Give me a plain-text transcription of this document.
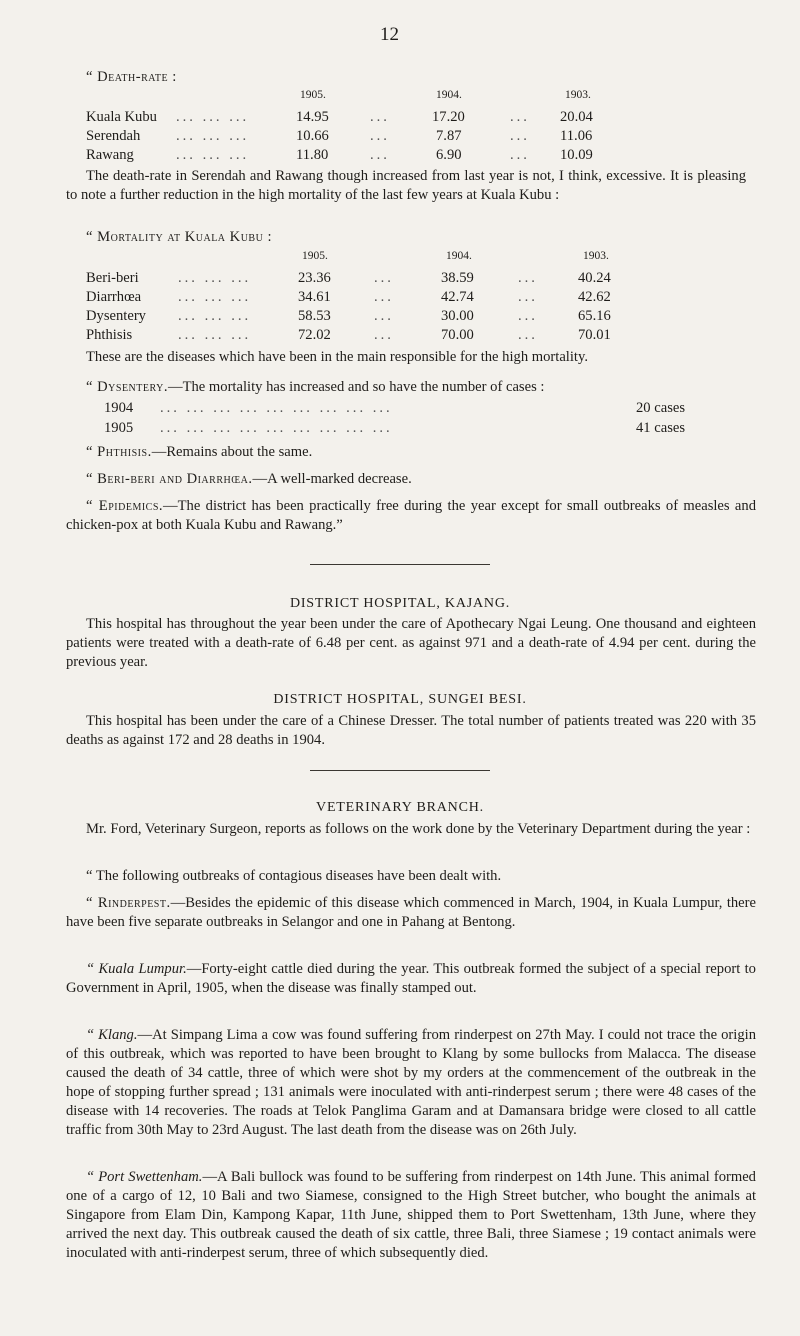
12
“ Death-rate :
1905.	1904.	1903.
Kuala Kubu ... ... ...	14.95	...	17.20	... 20.04
Serendah ... ... ...	10.66	...	7.87	... 11.06
Rawang	... ... ...	11.80	...	6.90	... 10.09
The death-rate in Serendah and Rawang though increased from last year is not, I think, excessive. It is pleasing to note a further reduction in the high mortality of the last few years at Kuala Kubu :
“ Mortality at Kuala Kubu :
1905.	1904.	1903.
Beri-beri	... ... ...	23.36	...	38.59	...	40.24
Diarrhœa	... ... ...	34.61	...	42.74	...	42.62
Dysentery ... ... ...	58.53	...	30.00	...	65.16
Phthisis	... ... ...	72.02	...	70.00	...	70.01
These are the diseases which have been in the main responsible for the high mortality.
“ Dysentery.—The mortality has increased and so have the number of cases :
1904 ... ... ... ... ... ... ... ... ...	20 cases
1905 ... ... ... ... ... ... ... ... ...	41 cases
“ Phthisis.—Remains about the same.
“ Beri-beri and Diarrhœa.—A well-marked decrease.
“ Epidemics.—The district has been practically free during the year except for small outbreaks of measles and chicken-pox at both Kuala Kubu and Rawang.”
DISTRICT HOSPITAL, KAJANG.
This hospital has throughout the year been under the care of Apothecary Ngai Leung. One thousand and eighteen patients were treated with a death-rate of 6.48 per cent. as against 971 and a death-rate of 4.94 per cent. during the previous year.
DISTRICT HOSPITAL, SUNGEI BESI.
This hospital has been under the care of a Chinese Dresser. The total number of patients treated was 220 with 35 deaths as against 172 and 28 deaths in 1904.
VETERINARY BRANCH.
Mr. Ford, Veterinary Surgeon, reports as follows on the work done by the Veterinary Department during the year :
“ The following outbreaks of contagious diseases have been dealt with.
“ Rinderpest.—Besides the epidemic of this disease which commenced in March, 1904, in Kuala Lumpur, there have been five separate outbreaks in Selangor and one in Pahang at Bentong.
“ Kuala Lumpur.—Forty-eight cattle died during the year. This outbreak formed the subject of a special report to Government in April, 1905, when the disease was finally stamped out.
“ Klang.—At Simpang Lima a cow was found suffering from rinderpest on 27th May. I could not trace the origin of this outbreak, which was reported to have been brought to Klang by some bullocks from Malacca. The disease caused the death of 34 cattle, three of which were shot by my orders at the commencement of the outbreak in the hope of stopping further spread ; 131 animals were inoculated with anti-rinderpest serum ; there were 48 cases of the disease with 14 recoveries. The roads at Telok Panglima Garam and at Damansara bridge were closed to all cattle traffic from 30th May to 23rd August. The last death from the disease was on 26th July.
“ Port Swettenham.—A Bali bullock was found to be suffering from rinderpest on 14th June. This animal formed one of a cargo of 12, 10 Bali and two Siamese, consigned to the High Street butcher, who bought the animals at Singapore from Elam Din, Kampong Kapar, 11th June, shipped them to Port Swettenham, 13th June, where they arrived the next day. This outbreak caused the death of six cattle, three Bali, three Siamese ; 19 contact animals were inoculated with anti-rinderpest serum, three of which subsequently died.
